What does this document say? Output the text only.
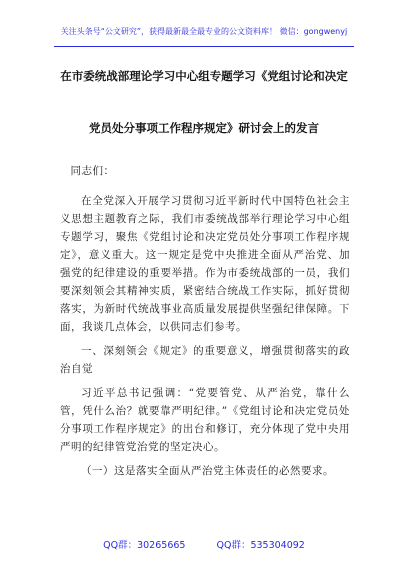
关注头条号“公文研究”，获得最新最全最专业的公文资料库！ 微信：gongwenyj
在市委统战部理论学习中心组专题学习《党组讨论和决定
党员处分事项工作程序规定》研讨会上的发言

同志们：

在全党深入开展学习贯彻习近平新时代中国特色社会主义思想主题教育之际，我们市委统战部举行理论学习中心组专题学习，聚焦《党组讨论和决定党员处分事项工作程序规定》，意义重大。这一规定是党中央推进全面从严治党、加强党的纪律建设的重要举措。作为市委统战部的一员，我们要深刻领会其精神实质，紧密结合统战工作实际，抓好贯彻落实，为新时代统战事业高质量发展提供坚强纪律保障。下面，我谈几点体会，以供同志们参考。

一、深刻领会《规定》的重要意义，增强贯彻落实的政治自觉

习近平总书记强调：“党要管党、从严治党，靠什么管，凭什么治？就要靠严明纪律。”《党组讨论和决定党员处分事项工作程序规定》的出台和修订，充分体现了党中央用严明的纪律管党治党的坚定决心。

（一）这是落实全面从严治党主体责任的必然要求。

QQ群：30265665	QQ群：535304092
